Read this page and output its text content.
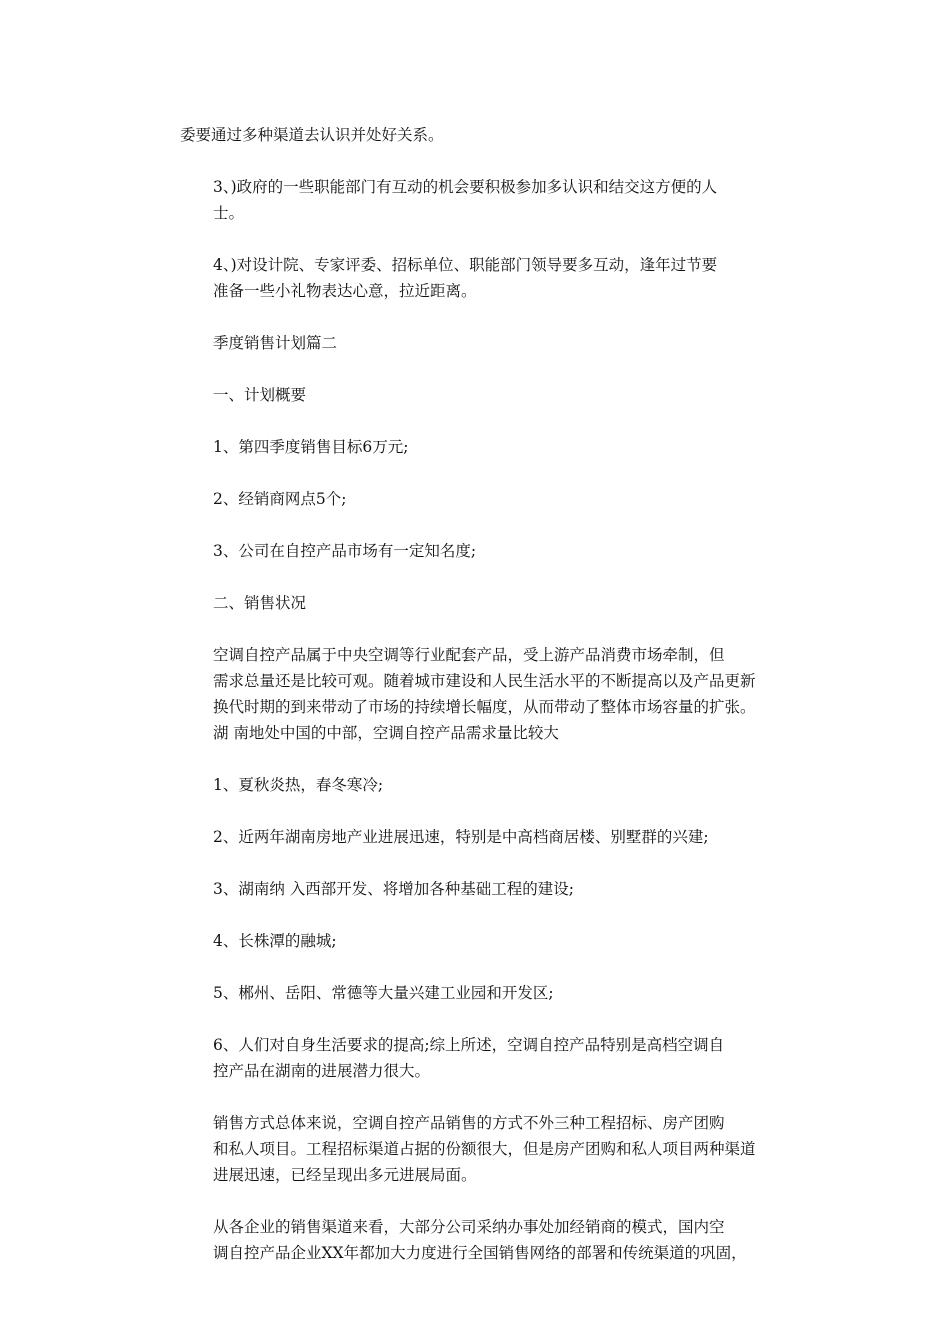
委要通过多种渠道去认识并处好关系。

3、)政府的一些职能部门有互动的机会要积极参加多认识和结交这方便的人
士。

4、)对设计院、专家评委、招标单位、职能部门领导要多互动，逢年过节要
准备一些小礼物表达心意，拉近距离。

季度销售计划篇二

一、计划概要

1、第四季度销售目标6万元;

2、经销商网点5个;

3、公司在自控产品市场有一定知名度;

二、销售状况

空调自控产品属于中央空调等行业配套产品，受上游产品消费市场牵制，但
需求总量还是比较可观。随着城市建设和人民生活水平的不断提高以及产品更新
换代时期的到来带动了市场的持续增长幅度，从而带动了整体市场容量的扩张。
湖 南地处中国的中部，空调自控产品需求量比较大

1、夏秋炎热，春冬寒冷;

2、近两年湖南房地产业进展迅速，特别是中高档商居楼、别墅群的兴建;

3、湖南纳 入西部开发、将增加各种基础工程的建设;

4、长株潭的融城;

5、郴州、岳阳、常德等大量兴建工业园和开发区;

6、人们对自身生活要求的提高;综上所述，空调自控产品特别是高档空调自
控产品在湖南的进展潜力很大。

销售方式总体来说，空调自控产品销售的方式不外三种工程招标、房产团购
和私人项目。工程招标渠道占据的份额很大，但是房产团购和私人项目两种渠道
进展迅速，已经呈现出多元进展局面。

从各企业的销售渠道来看，大部分公司采纳办事处加经销商的模式，国内空
调自控产品企业XX年都加大力度进行全国销售网络的部署和传统渠道的巩固，
